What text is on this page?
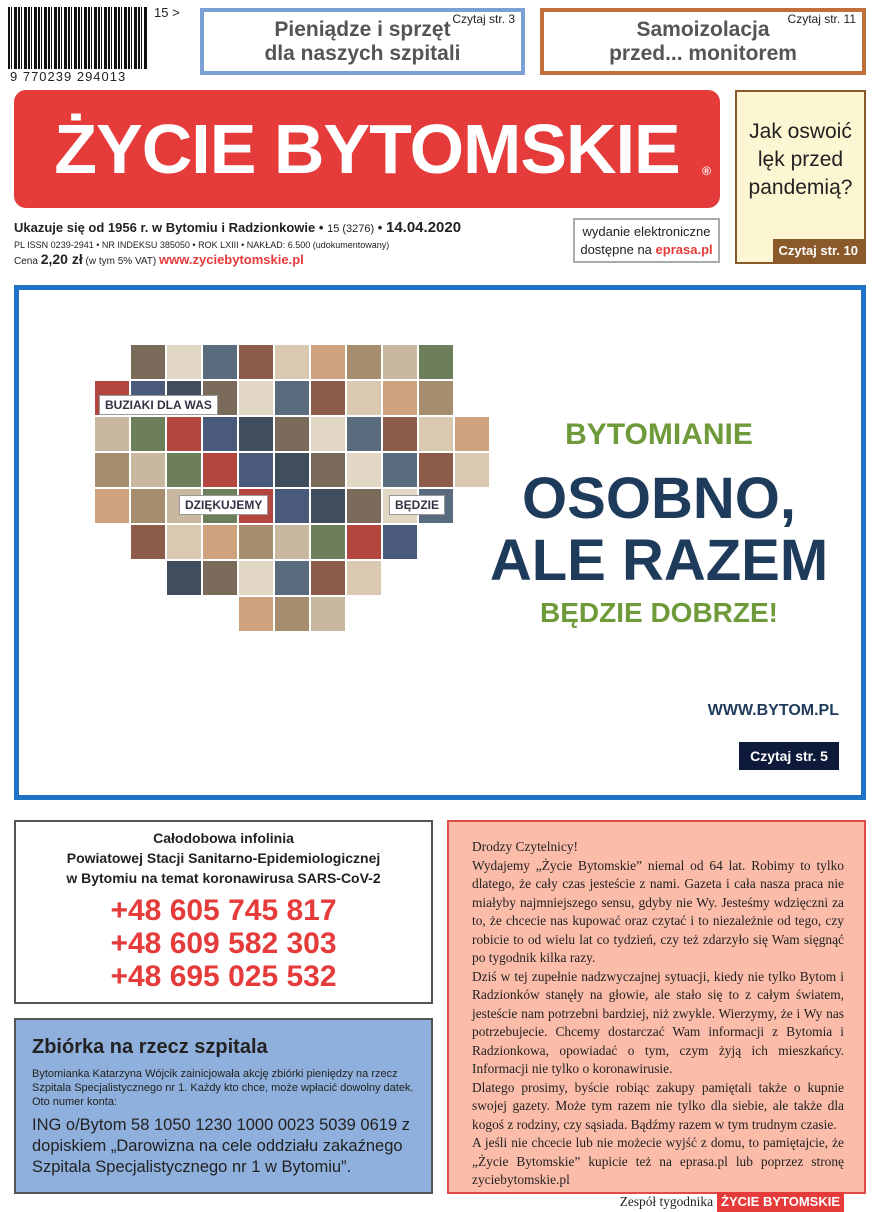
15 >
9 770239 294013
Czytaj str. 3
Pieniądze i sprzęt
dla naszych szpitali
Czytaj str. 11
Samoizolacja
przed... monitorem
ŻYCIE BYTOMSKIE ®
Jak oswoić lęk przed pandemią?
Czytaj str. 10
Ukazuje się od 1956 r. w Bytomiu i Radzionkowie • 15 (3276) • 14.04.2020
PL ISSN 0239-2941 • NR INDEKSU 385050 • ROK LXIII • NAKŁAD: 6.500 (udokumentowany)
Cena 2,20 zł (w tym 5% VAT) www.zyciebytomskie.pl
wydanie elektroniczne
dostępne na eprasa.pl
BUZIAKI DLA WAS
DZIĘKUJEMY	BĘDZIE
BYTOMIANIE
OSOBNO,
ALE RAZEM
BĘDZIE DOBRZE!
WWW.BYTOM.PL
Czytaj str. 5
Całodobowa infolinia
Powiatowej Stacji Sanitarno-Epidemiologicznej
w Bytomiu na temat koronawirusa SARS-CoV-2
+48 605 745 817
+48 609 582 303
+48 695 025 532
Zbiórka na rzecz szpitala
Bytomianka Katarzyna Wójcik zainicjowała akcję zbiórki pieniędzy na rzecz Szpitala Specjalistycznego nr 1. Każdy kto chce, może wpłacić dowolny datek. Oto numer konta:
ING o/Bytom 58 1050 1230 1000 0023 5039 0619 z dopiskiem „Darowizna na cele oddziału zakaźnego Szpitala Specjalistycznego nr 1 w Bytomiu”.

Drodzy Czytelnicy!

Wydajemy „Życie Bytomskie” niemal od 64 lat. Robimy to tylko dlatego, że cały czas jesteście z nami. Gazeta i cała nasza praca nie miałyby najmniejszego sensu, gdyby nie Wy. Jesteśmy wdzięczni za to, że chcecie nas kupować oraz czytać i to niezależnie od tego, czy robicie to od wielu lat co tydzień, czy też zdarzyło się Wam sięgnąć po tygodnik kilka razy.

Dziś w tej zupełnie nadzwyczajnej sytuacji, kiedy nie tylko Bytom i Radzionków stanęły na głowie, ale stało się to z całym światem, jesteście nam potrzebni bardziej, niż zwykle. Wierzymy, że i Wy nas potrzebujecie. Chcemy dostarczać Wam informacji z Bytomia i Radzionkowa, opowiadać o tym, czym żyją ich mieszkańcy. Informacji nie tylko o koronawirusie.

Dlatego prosimy, byście robiąc zakupy pamiętali także o kupnie swojej gazety. Może tym razem nie tylko dla siebie, ale także dla kogoś z rodziny, czy sąsiada. Bądźmy razem w tym trudnym czasie.

A jeśli nie chcecie lub nie możecie wyjść z domu, to pamiętajcie, że „Życie Bytomskie” kupicie też na eprasa.pl lub poprzez stronę zyciebytomskie.pl

Zespół tygodnika ŻYCIE BYTOMSKIE
